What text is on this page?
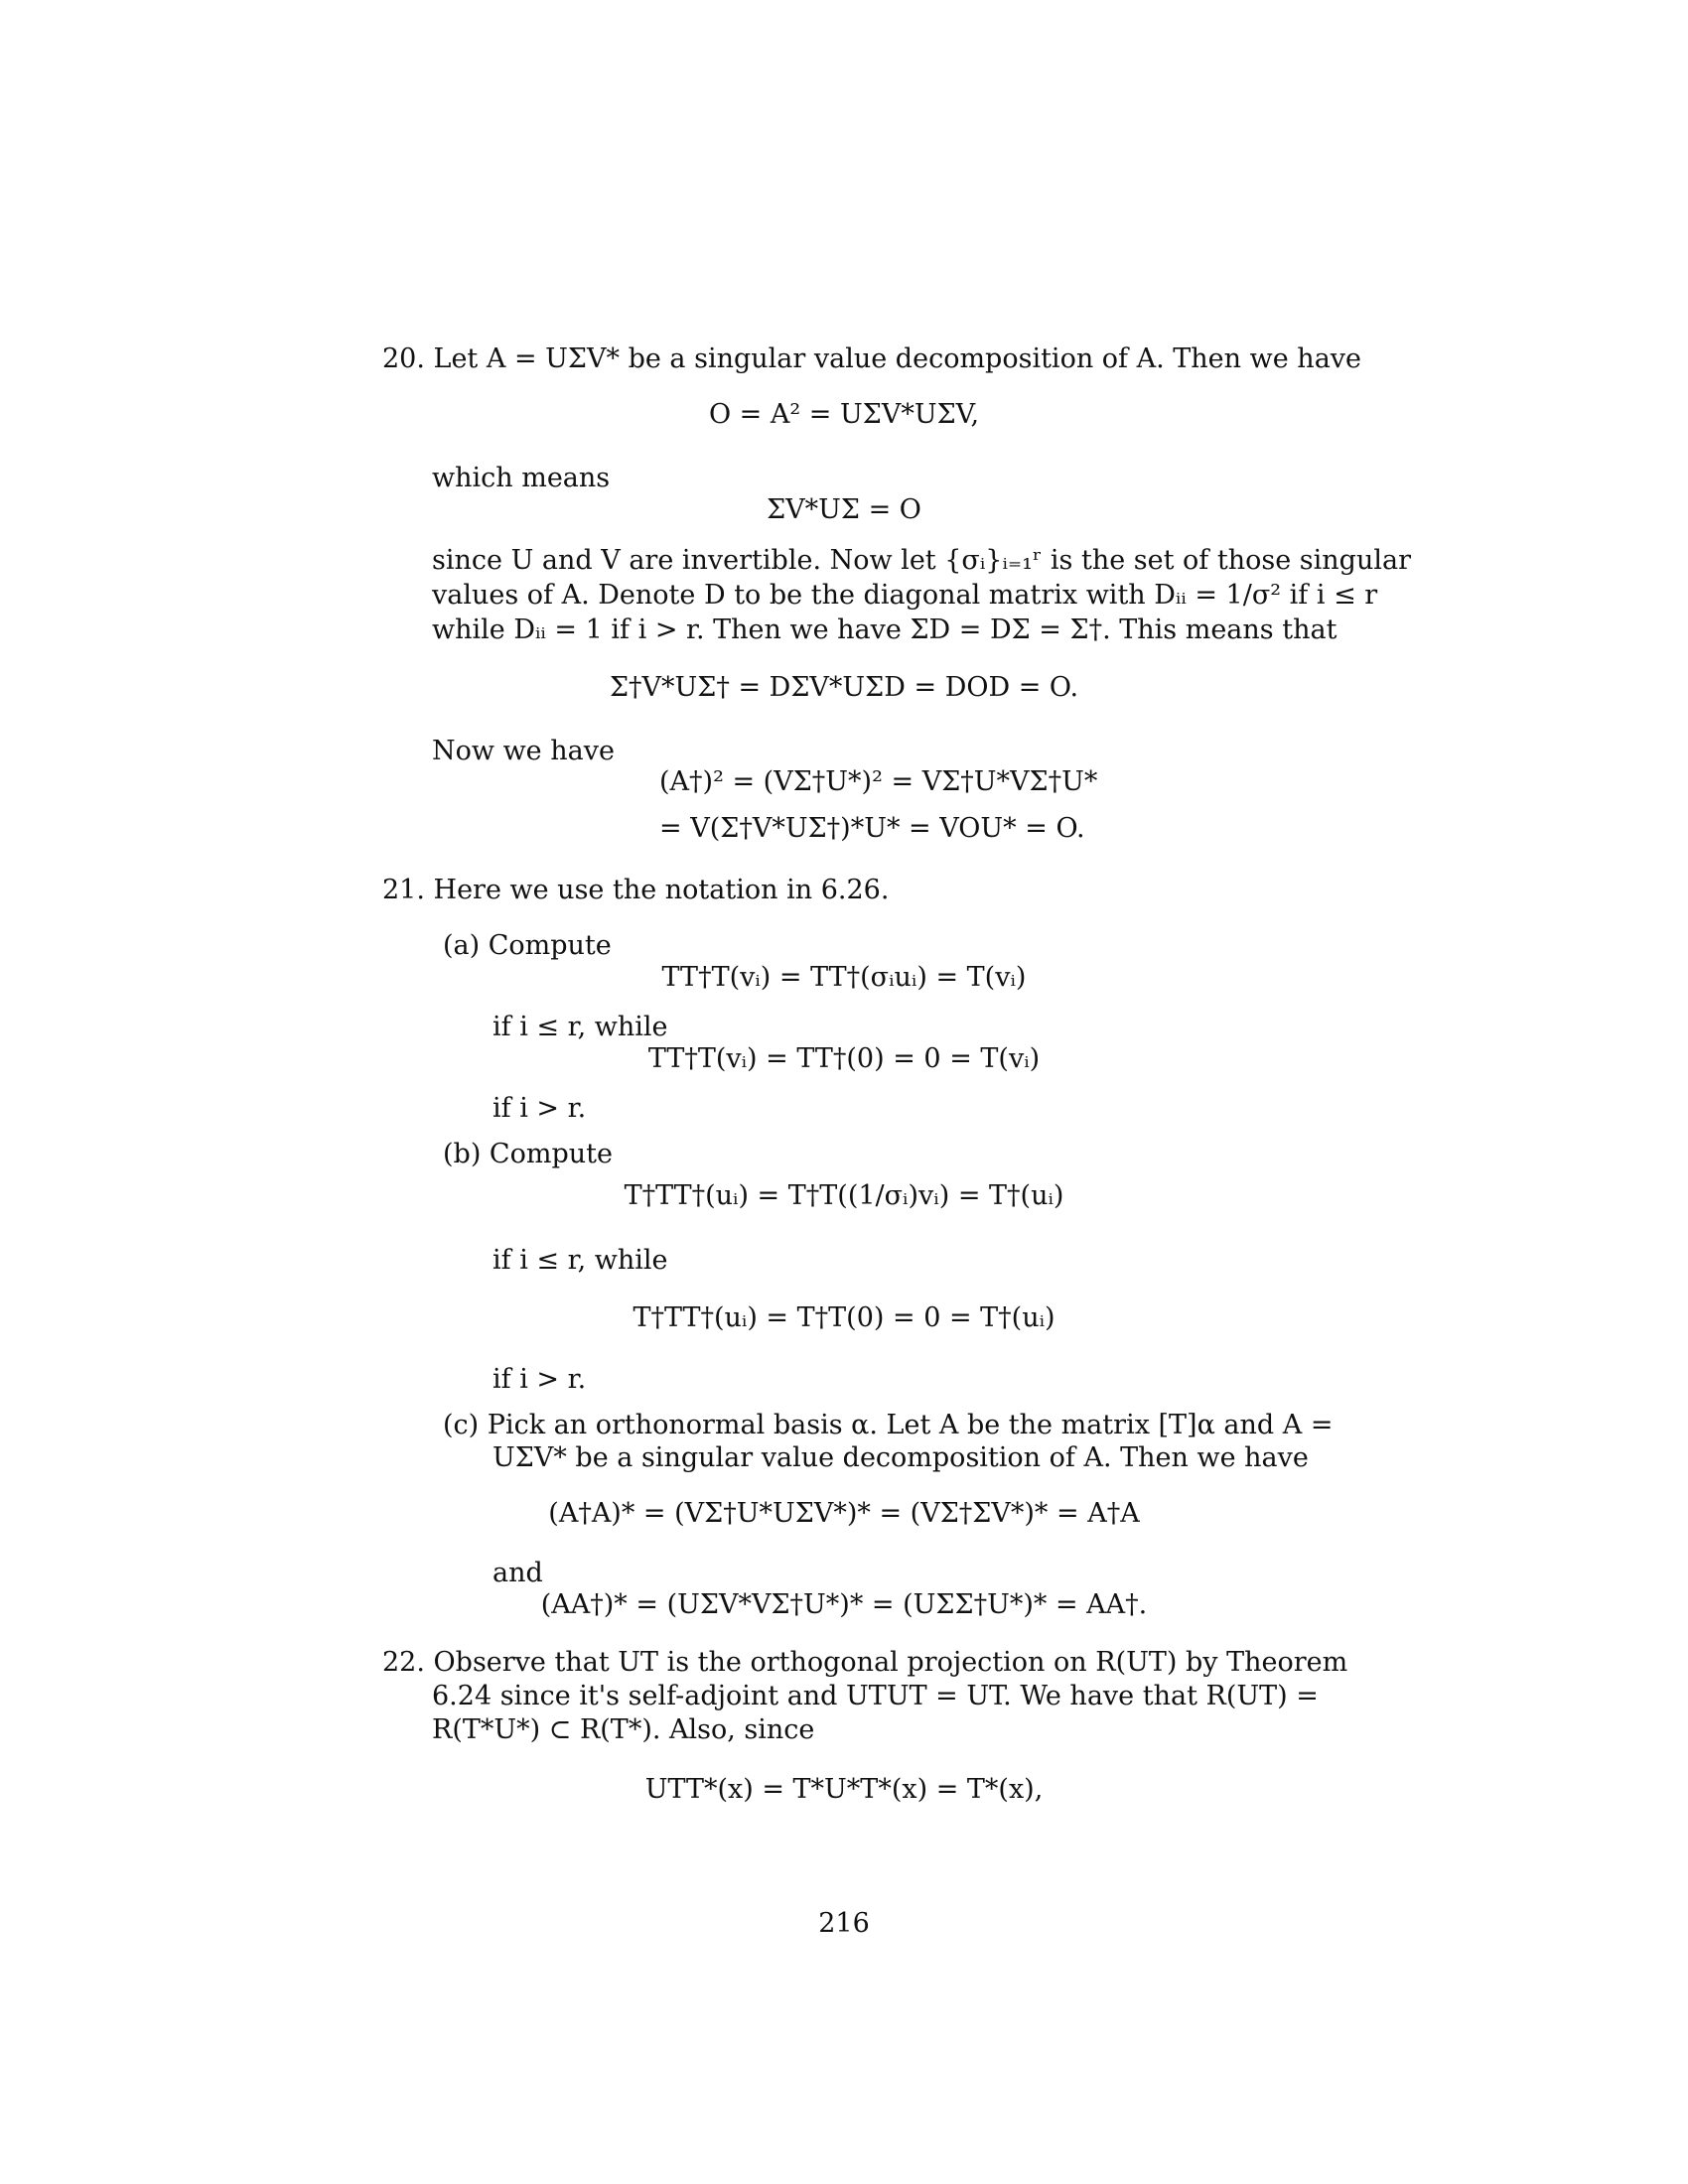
20. Let A = UΣV* be a singular value decomposition of A. Then we have
O = A² = UΣV*UΣV,
which means
ΣV*UΣ = O
since U and V are invertible. Now let {σᵢ}ᵢ₌₁ʳ is the set of those singular
values of A. Denote D to be the diagonal matrix with Dᵢᵢ = 1/σ² if i ≤ r
while Dᵢᵢ = 1 if i > r. Then we have ΣD = DΣ = Σ†. This means that
Σ†V*UΣ† = DΣV*UΣD = DOD = O.
Now we have
(A†)² = (VΣ†U*)² = VΣ†U*VΣ†U*
= V(Σ†V*UΣ†)*U* = VOU* = O.
21. Here we use the notation in 6.26.
(a) Compute
TT†T(vᵢ) = TT†(σᵢuᵢ) = T(vᵢ)
if i ≤ r, while
TT†T(vᵢ) = TT†(0) = 0 = T(vᵢ)
if i > r.
(b) Compute
T†TT†(uᵢ) = T†T((1/σᵢ)vᵢ) = T†(uᵢ)
if i ≤ r, while
T†TT†(uᵢ) = T†T(0) = 0 = T†(uᵢ)
if i > r.
(c) Pick an orthonormal basis α. Let A be the matrix [T]α and A =
UΣV* be a singular value decomposition of A. Then we have
(A†A)* = (VΣ†U*UΣV*)* = (VΣ†ΣV*)* = A†A
and
(AA†)* = (UΣV*VΣ†U*)* = (UΣΣ†U*)* = AA†.
22. Observe that UT is the orthogonal projection on R(UT) by Theorem
6.24 since it's self-adjoint and UTUT = UT. We have that R(UT) =
R(T*U*) ⊂ R(T*). Also, since
UTT*(x) = T*U*T*(x) = T*(x),
216
